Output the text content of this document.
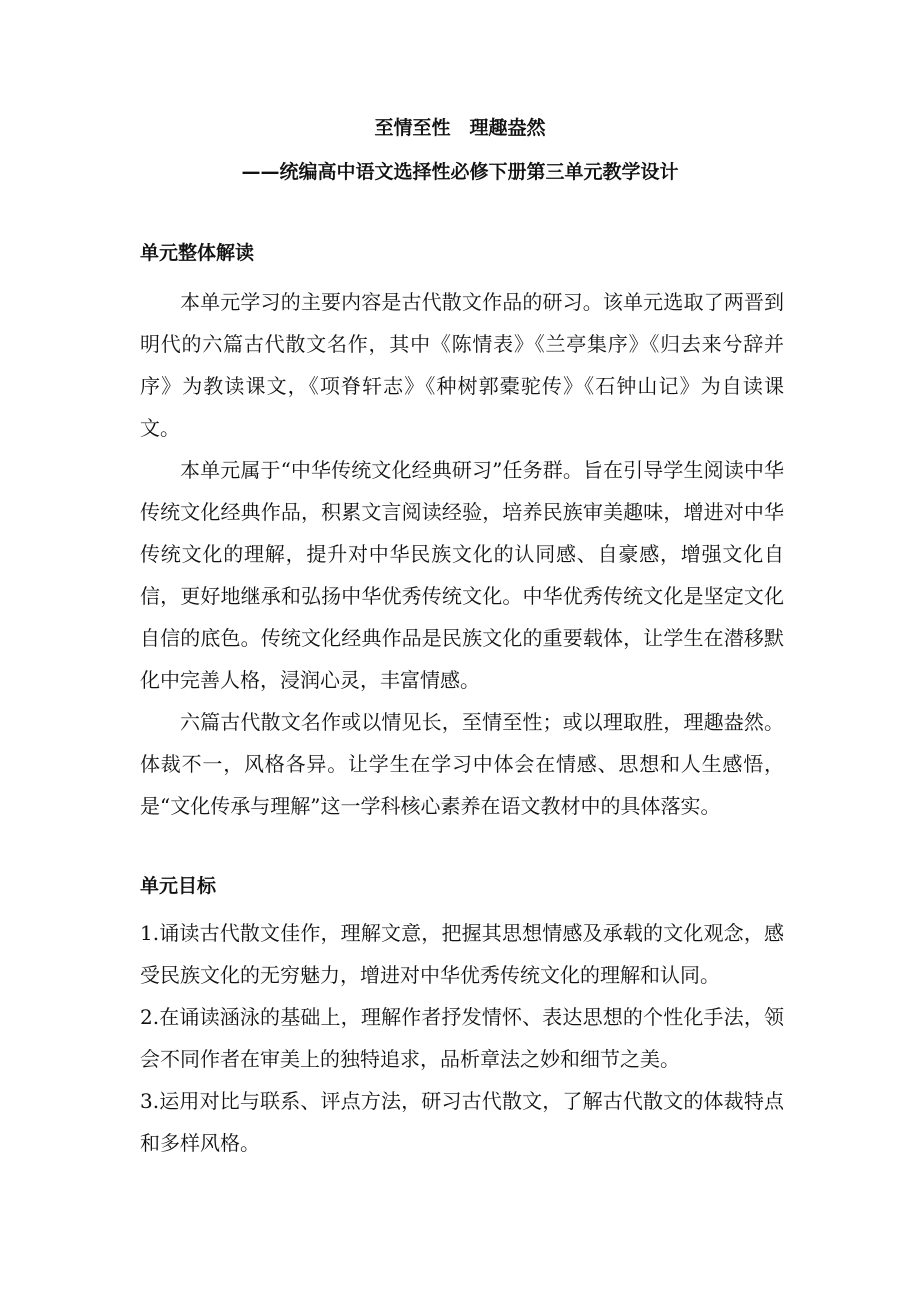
至情至性　理趣盎然
——统编高中语文选择性必修下册第三单元教学设计
单元整体解读

本单元学习的主要内容是古代散文作品的研习。该单元选取了两晋到明代的六篇古代散文名作，其中《陈情表》《兰亭集序》《归去来兮辞并序》为教读课文，《项脊轩志》《种树郭橐驼传》《石钟山记》为自读课文。

本单元属于“中华传统文化经典研习”任务群。旨在引导学生阅读中华传统文化经典作品，积累文言阅读经验，培养民族审美趣味，增进对中华传统文化的理解，提升对中华民族文化的认同感、自豪感，增强文化自信，更好地继承和弘扬中华优秀传统文化。中华优秀传统文化是坚定文化自信的底色。传统文化经典作品是民族文化的重要载体，让学生在潜移默化中完善人格，浸润心灵，丰富情感。

六篇古代散文名作或以情见长，至情至性；或以理取胜，理趣盎然。体裁不一，风格各异。让学生在学习中体会在情感、思想和人生感悟，是“文化传承与理解”这一学科核心素养在语文教材中的具体落实。

单元目标

1.诵读古代散文佳作，理解文意，把握其思想情感及承载的文化观念，感受民族文化的无穷魅力，增进对中华优秀传统文化的理解和认同。

2.在诵读涵泳的基础上，理解作者抒发情怀、表达思想的个性化手法，领会不同作者在审美上的独特追求，品析章法之妙和细节之美。

3.运用对比与联系、评点方法，研习古代散文，了解古代散文的体裁特点和多样风格。
